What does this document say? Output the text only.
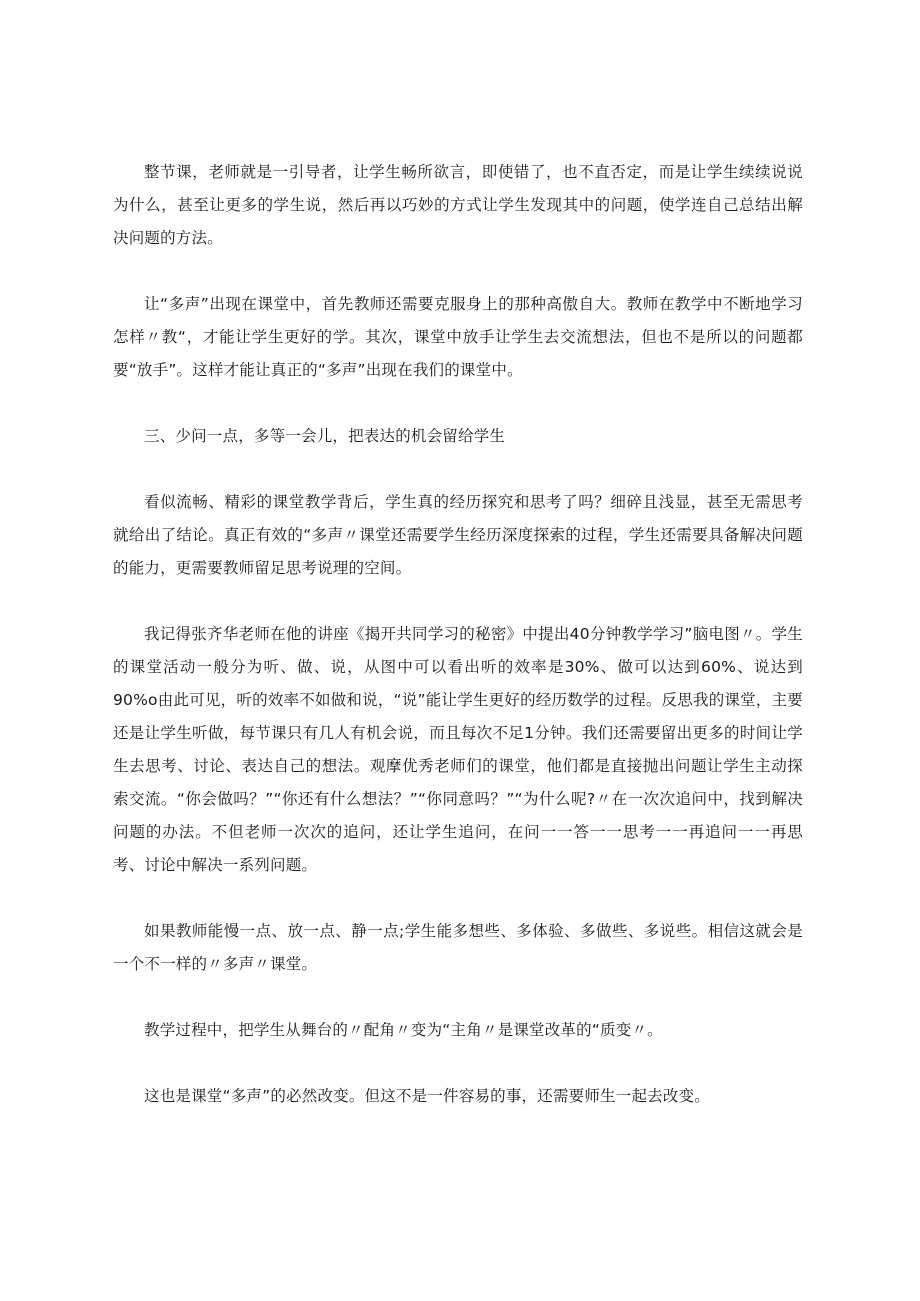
整节课，老师就是一引导者，让学生畅所欲言，即使错了，也不直否定，而是让学生续续说说为什么，甚至让更多的学生说，然后再以巧妙的方式让学生发现其中的问题，使学连自己总结出解决问题的方法。

让“多声”出现在课堂中，首先教师还需要克服身上的那种高傲自大。教师在教学中不断地学习怎样〃教“，才能让学生更好的学。其次，课堂中放手让学生去交流想法，但也不是所以的问题都要“放手”。这样才能让真正的“多声”出现在我们的课堂中。

三、少问一点，多等一会儿，把表达的机会留给学生

看似流畅、精彩的课堂教学背后，学生真的经历探究和思考了吗？细碎且浅显，甚至无需思考就给出了结论。真正有效的“多声〃课堂还需要学生经历深度探索的过程，学生还需要具备解决问题的能力，更需要教师留足思考说理的空间。

我记得张齐华老师在他的讲座《揭开共同学习的秘密》中提出40分钟教学学习”脑电图〃。学生的课堂活动一般分为听、做、说，从图中可以看出听的效率是30%、做可以达到60%、说达到90%o由此可见，听的效率不如做和说，“说”能让学生更好的经历数学的过程。反思我的课堂，主要还是让学生听做，每节课只有几人有机会说，而且每次不足1分钟。我们还需要留出更多的时间让学生去思考、讨论、表达自己的想法。观摩优秀老师们的课堂，他们都是直接抛出问题让学生主动探索交流。“你会做吗？”“你还有什么想法？”“你同意吗？”“为什么呢?〃在一次次追问中，找到解决问题的办法。不但老师一次次的追问，还让学生追问，在问一一答一一思考一一再追问一一再思考、讨论中解决一系列问题。

如果教师能慢一点、放一点、静一点;学生能多想些、多体验、多做些、多说些。相信这就会是一个不一样的〃多声〃课堂。

教学过程中，把学生从舞台的〃配角〃变为“主角〃是课堂改革的“质变〃。

这也是课堂“多声”的必然改变。但这不是一件容易的事，还需要师生一起去改变。
